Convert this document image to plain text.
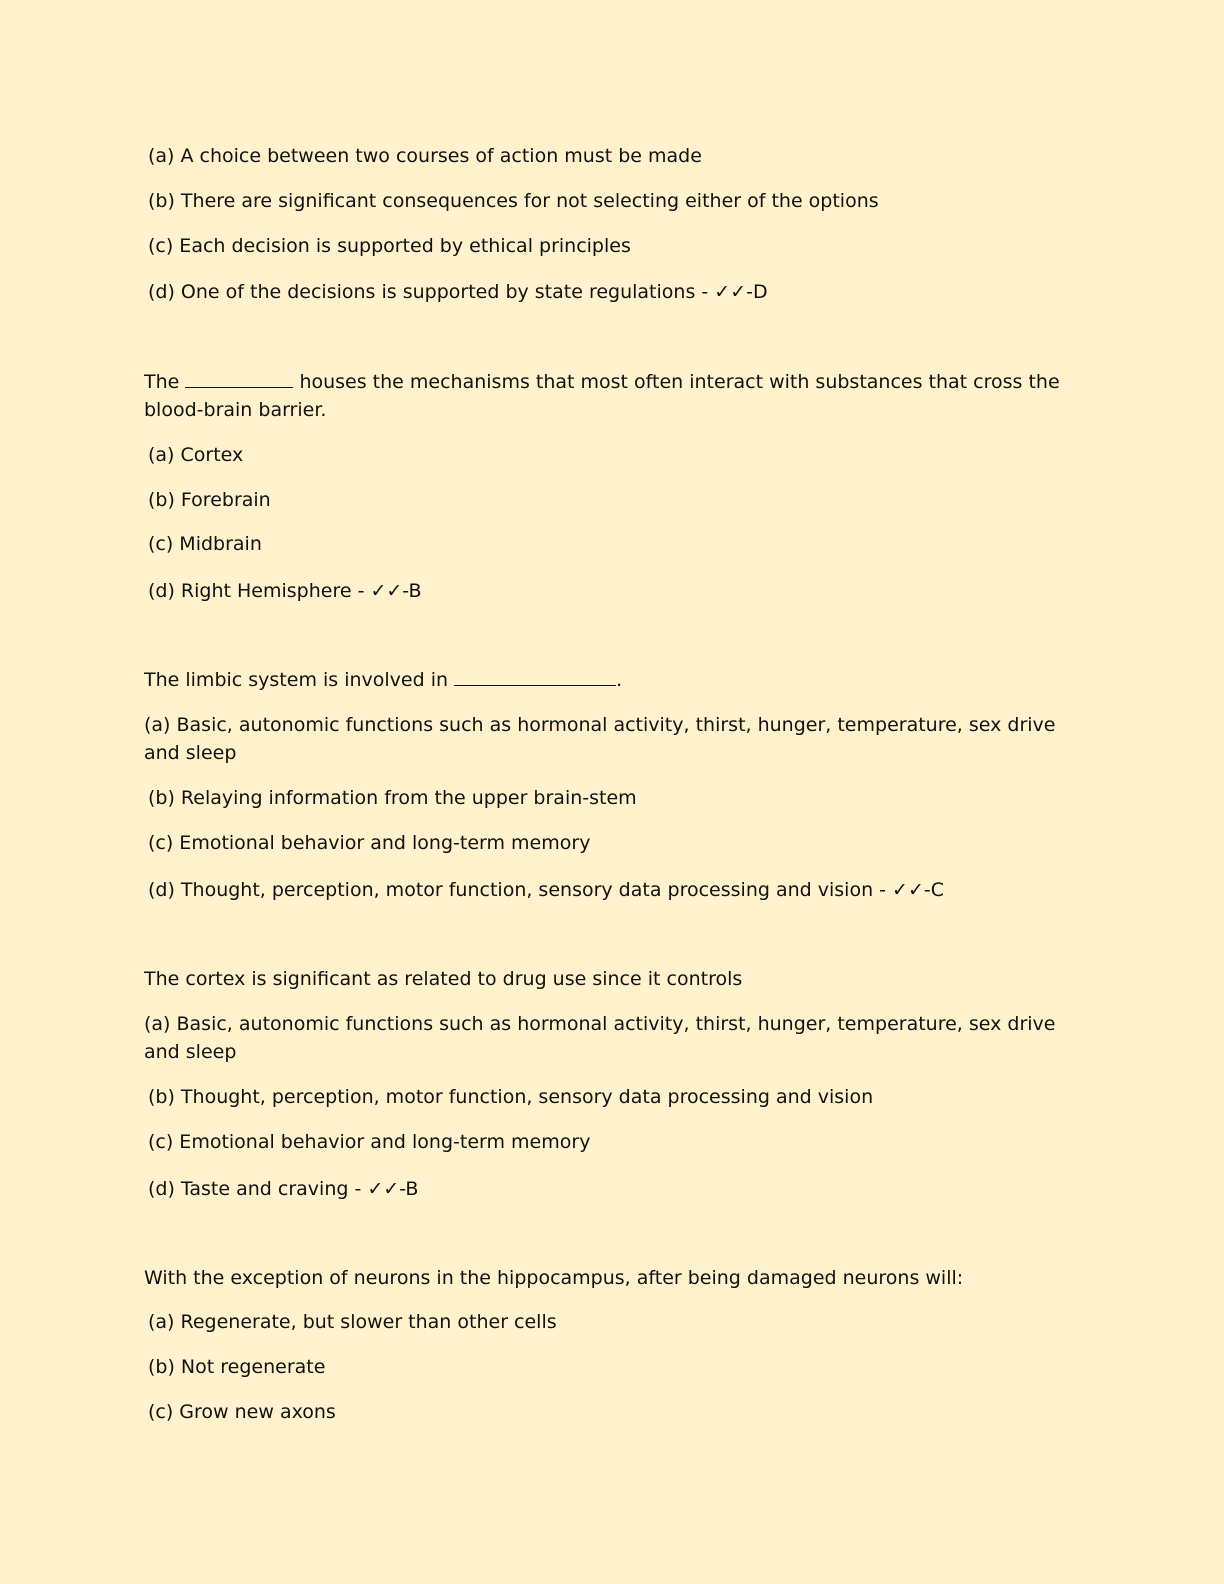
(a) A choice between two courses of action must be made
(b) There are significant consequences for not selecting either of the options
(c) Each decision is supported by ethical principles
(d) One of the decisions is supported by state regulations - ✓✓-D
The	houses the mechanisms that most often interact with substances that cross the blood-brain barrier.
(a) Cortex
(b) Forebrain
(c) Midbrain
(d) Right Hemisphere - ✓✓-B
The limbic system is involved in	.
(a) Basic, autonomic functions such as hormonal activity, thirst, hunger, temperature, sex drive and sleep
(b) Relaying information from the upper brain-stem
(c) Emotional behavior and long-term memory
(d) Thought, perception, motor function, sensory data processing and vision - ✓✓-C
The cortex is significant as related to drug use since it controls
(a) Basic, autonomic functions such as hormonal activity, thirst, hunger, temperature, sex drive and sleep
(b) Thought, perception, motor function, sensory data processing and vision
(c) Emotional behavior and long-term memory
(d) Taste and craving - ✓✓-B
With the exception of neurons in the hippocampus, after being damaged neurons will:
(a) Regenerate, but slower than other cells
(b) Not regenerate
(c) Grow new axons
